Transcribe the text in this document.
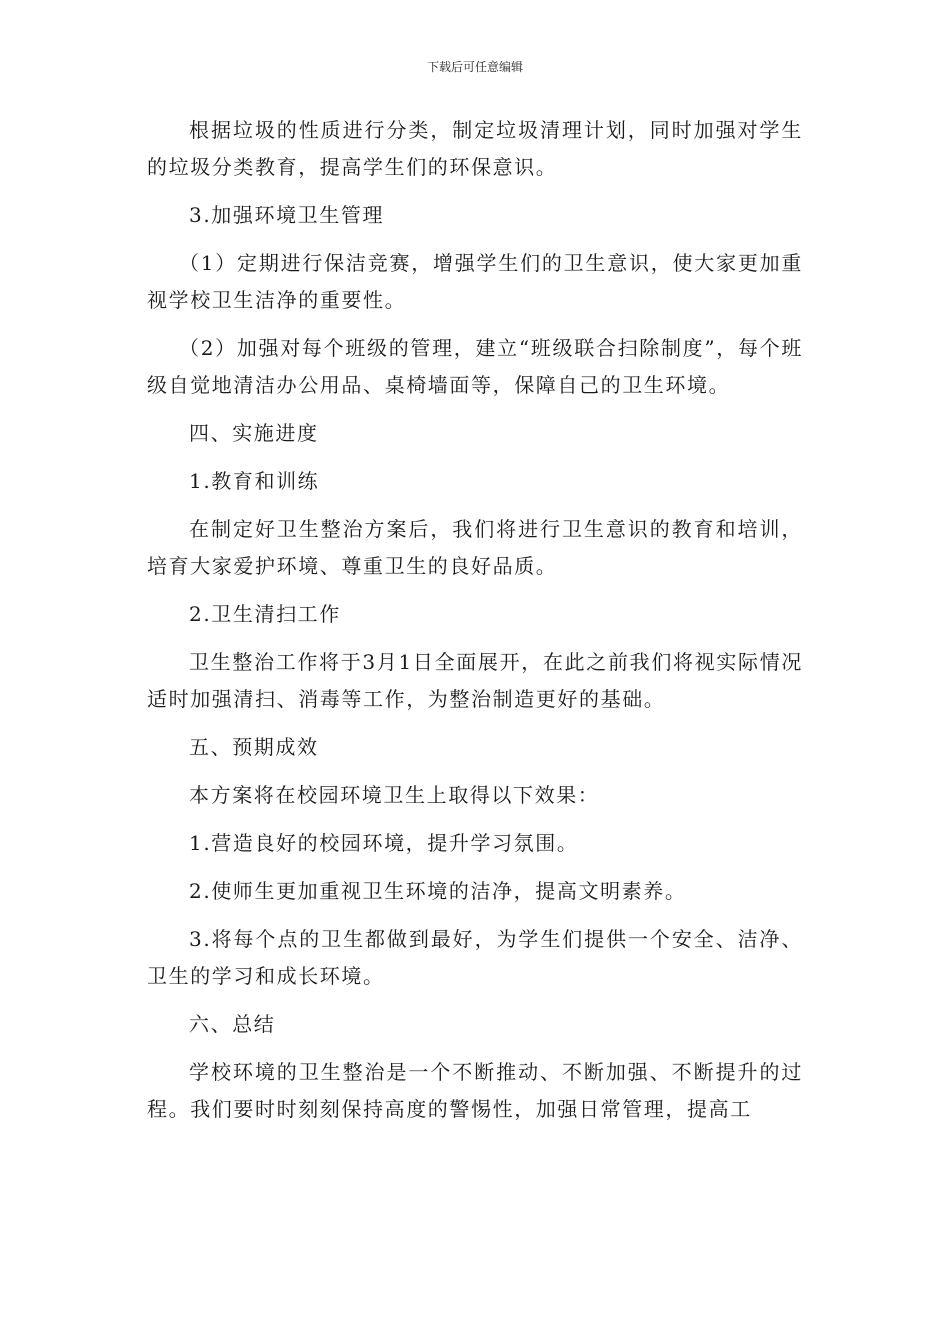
下载后可任意编辑

根据垃圾的性质进行分类，制定垃圾清理计划，同时加强对学生的垃圾分类教育，提高学生们的环保意识。

3.加强环境卫生管理

（1）定期进行保洁竞赛，增强学生们的卫生意识，使大家更加重视学校卫生洁净的重要性。

（2）加强对每个班级的管理，建立“班级联合扫除制度”，每个班级自觉地清洁办公用品、桌椅墙面等，保障自己的卫生环境。

四、实施进度

1.教育和训练

在制定好卫生整治方案后，我们将进行卫生意识的教育和培训，培育大家爱护环境、尊重卫生的良好品质。

2.卫生清扫工作

卫生整治工作将于3月1日全面展开，在此之前我们将视实际情况适时加强清扫、消毒等工作，为整治制造更好的基础。

五、预期成效

本方案将在校园环境卫生上取得以下效果：

1.营造良好的校园环境，提升学习氛围。

2.使师生更加重视卫生环境的洁净，提高文明素养。

3.将每个点的卫生都做到最好，为学生们提供一个安全、洁净、卫生的学习和成长环境。

六、总结

学校环境的卫生整治是一个不断推动、不断加强、不断提升的过程。我们要时时刻刻保持高度的警惕性，加强日常管理，提高工
